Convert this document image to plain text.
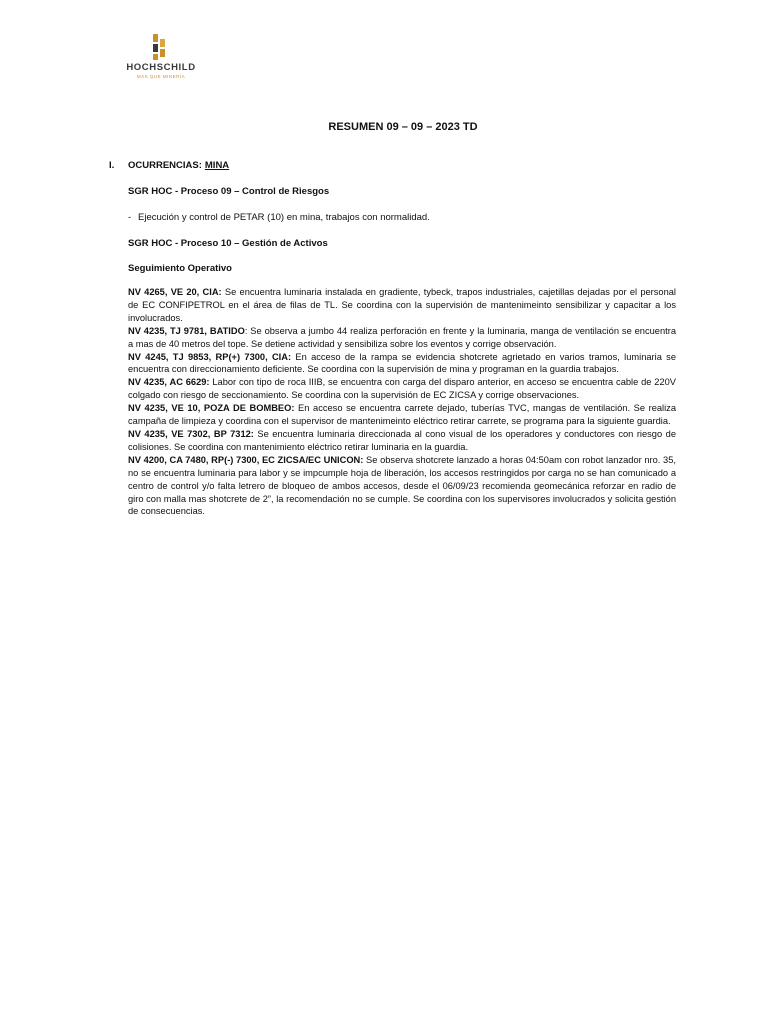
HOCHSCHILD
MÁS QUE MINERÍA
RESUMEN 09 – 09 – 2023 TD
I.	OCURRENCIAS: MINA
SGR HOC - Proceso 09 – Control de Riesgos
- Ejecución y control de PETAR (10) en mina, trabajos con normalidad.
SGR HOC - Proceso 10 – Gestión de Activos
Seguimiento Operativo

NV 4265, VE 20, CIA: Se encuentra luminaria instalada en gradiente, tybeck, trapos industriales, cajetillas dejadas por el personal de EC CONFIPETROL en el área de filas de TL. Se coordina con la supervisión de mantenimeinto sensibilizar y capacitar a los involucrados.

NV 4235, TJ 9781, BATIDO: Se observa a jumbo 44 realiza perforación en frente y la luminaria, manga de ventilación se encuentra a mas de 40 metros del tope. Se detiene actividad y sensibiliza sobre los eventos y corrige observación.

NV 4245, TJ 9853, RP(+) 7300, CIA: En acceso de la rampa se evidencia shotcrete agrietado en varios tramos, luminaria se encuentra con direccionamiento deficiente. Se coordina con la supervisión de mina y programan en la guardia trabajos.

NV 4235, AC 6629: Labor con tipo de roca IIIB, se encuentra con carga del disparo anterior, en acceso se encuentra cable de 220V colgado con riesgo de seccionamiento. Se coordina con la supervisión de EC ZICSA y corrige observaciones.

NV 4235, VE 10, POZA DE BOMBEO: En acceso se encuentra carrete dejado, tuberías TVC, mangas de ventilación. Se realiza campaña de limpieza y coordina con el supervisor de mantenimeinto eléctrico retirar carrete, se programa para la siguiente guardia.

NV 4235, VE 7302, BP 7312: Se encuentra luminaria direccionada al cono visual de los operadores y conductores con riesgo de colisiones. Se coordina con mantenimiento eléctrico retirar luminaria en la guardia.

NV 4200, CA 7480, RP(-) 7300, EC ZICSA/EC UNICON: Se observa shotcrete lanzado a horas 04:50am con robot lanzador nro. 35, no se encuentra luminaria para labor y se impcumple hoja de liberación, los accesos restringidos por carga no se han comunicado a centro de control y/o falta letrero de bloqueo de ambos accesos, desde el 06/09/23 recomienda geomecánica reforzar en radio de giro con malla mas shotcrete de 2”, la recomendación no se cumple. Se coordina con los supervisores involucrados y solicita gestión de consecuencias.
